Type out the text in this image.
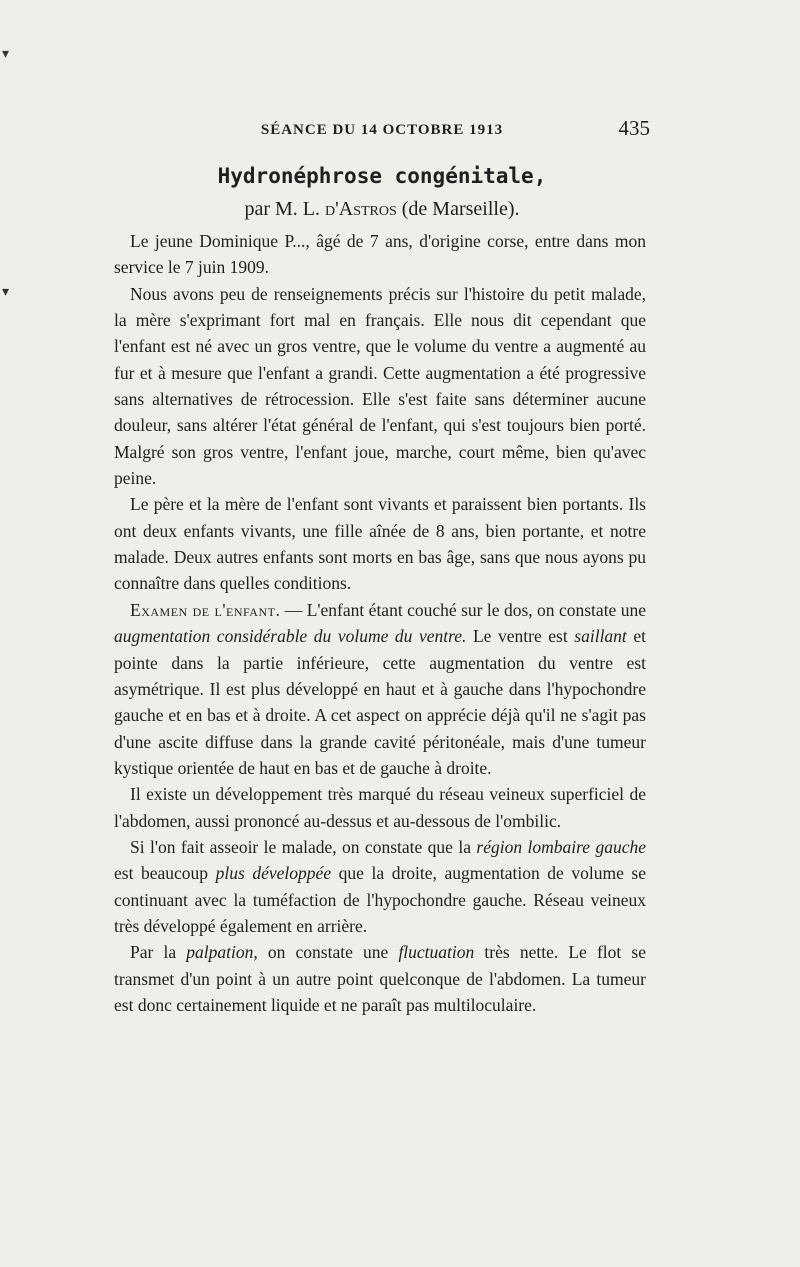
▾
▾
SÉANCE DU 14 OCTOBRE 1913	435
Hydronéphrose congénitale,
par M. L. d'Astros (de Marseille).

Le jeune Dominique P..., âgé de 7 ans, d'origine corse, entre dans mon service le 7 juin 1909.

Nous avons peu de renseignements précis sur l'histoire du petit malade, la mère s'exprimant fort mal en français. Elle nous dit cependant que l'enfant est né avec un gros ventre, que le volume du ventre a augmenté au fur et à mesure que l'enfant a grandi. Cette augmentation a été progressive sans alternatives de rétrocession. Elle s'est faite sans déterminer aucune douleur, sans altérer l'état général de l'enfant, qui s'est toujours bien porté. Malgré son gros ventre, l'enfant joue, marche, court même, bien qu'avec peine.

Le père et la mère de l'enfant sont vivants et paraissent bien portants. Ils ont deux enfants vivants, une fille aînée de 8 ans, bien portante, et notre malade. Deux autres enfants sont morts en bas âge, sans que nous ayons pu connaître dans quelles conditions.

Examen de l'enfant. — L'enfant étant couché sur le dos, on constate une augmentation considérable du volume du ventre. Le ventre est saillant et pointe dans la partie inférieure, cette augmentation du ventre est asymétrique. Il est plus développé en haut et à gauche dans l'hypochondre gauche et en bas et à droite. A cet aspect on apprécie déjà qu'il ne s'agit pas d'une ascite diffuse dans la grande cavité péritonéale, mais d'une tumeur kystique orientée de haut en bas et de gauche à droite.

Il existe un développement très marqué du réseau veineux superficiel de l'abdomen, aussi prononcé au-dessus et au-dessous de l'ombilic.

Si l'on fait asseoir le malade, on constate que la région lombaire gauche est beaucoup plus développée que la droite, augmentation de volume se continuant avec la tuméfaction de l'hypochondre gauche. Réseau veineux très développé également en arrière.

Par la palpation, on constate une fluctuation très nette. Le flot se transmet d'un point à un autre point quelconque de l'abdomen. La tumeur est donc certainement liquide et ne paraît pas multiloculaire.
